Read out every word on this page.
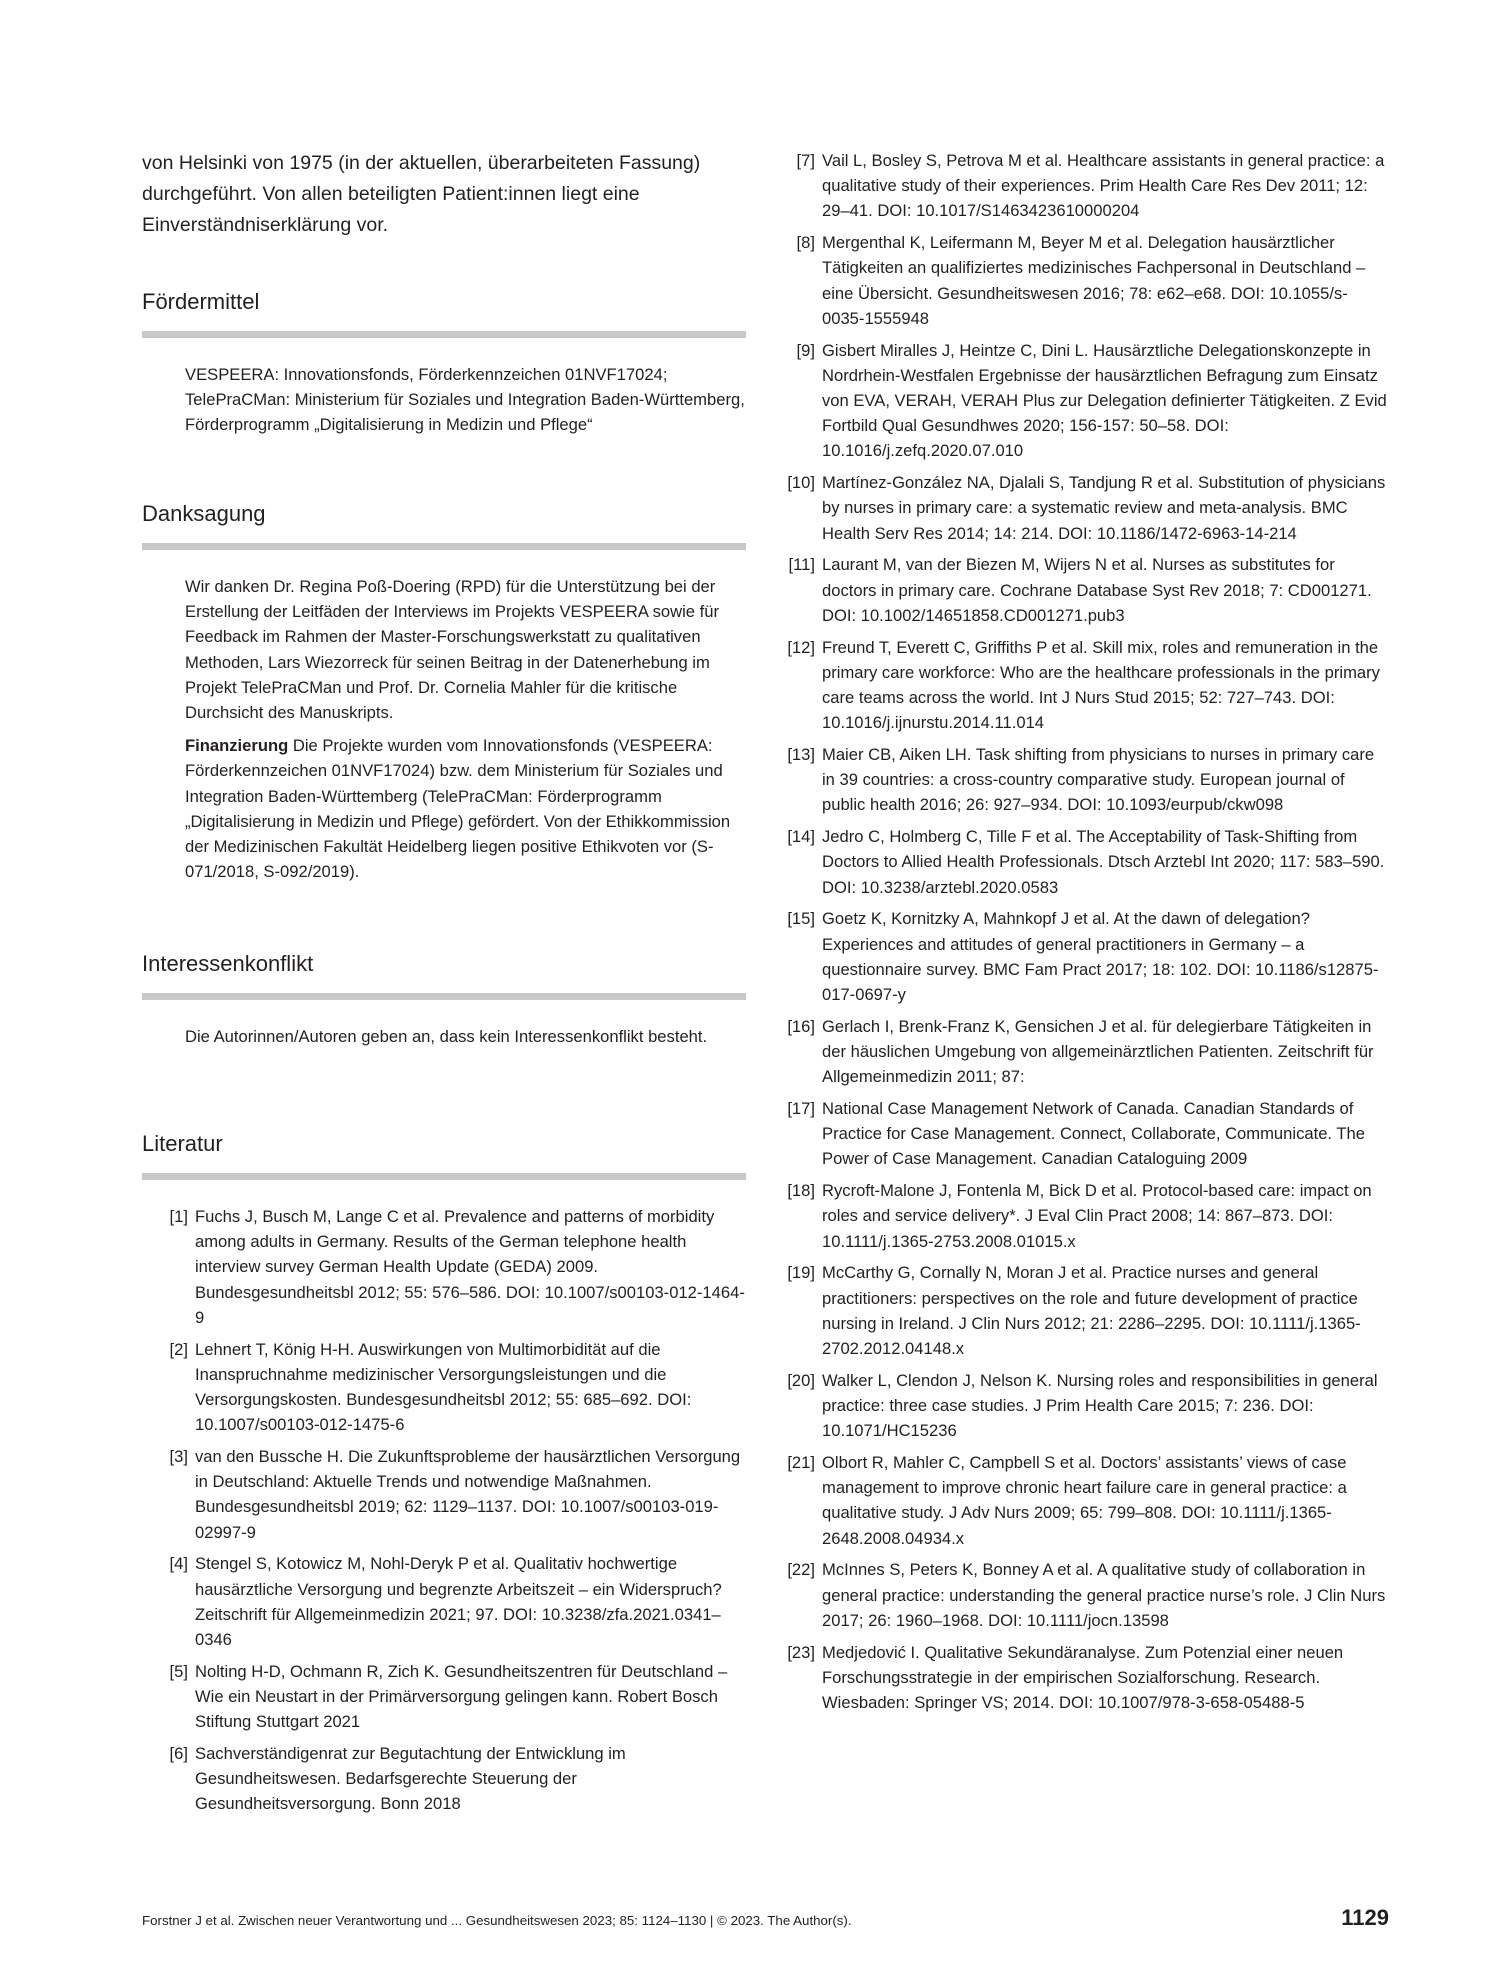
von Helsinki von 1975 (in der aktuellen, überarbeiteten Fassung) durchgeführt. Von allen beteiligten Patient:innen liegt eine Einverständniserklärung vor.

Fördermittel

VESPEERA: Innovationsfonds, Förderkennzeichen 01NVF17024; TelePraCMan: Ministerium für Soziales und Integration Baden-Württemberg, Förderprogramm „Digitalisierung in Medizin und Pflege“

Danksagung

Wir danken Dr. Regina Poß-Doering (RPD) für die Unterstützung bei der Erstellung der Leitfäden der Interviews im Projekts VESPEERA sowie für Feedback im Rahmen der Master-Forschungswerkstatt zu qualitativen Methoden, Lars Wiezorreck für seinen Beitrag in der Datenerhebung im Projekt TelePraCMan und Prof. Dr. Cornelia Mahler für die kritische Durchsicht des Manuskripts.

Finanzierung Die Projekte wurden vom Innovationsfonds (VESPEERA: Förderkennzeichen 01NVF17024) bzw. dem Ministerium für Soziales und Integration Baden-Württemberg (TelePraCMan: Förderprogramm „Digitalisierung in Medizin und Pflege) gefördert. Von der Ethikkommission der Medizinischen Fakultät Heidelberg liegen positive Ethikvoten vor (S-071/2018, S-092/2019).

Interessenkonflikt

Die Autorinnen/Autoren geben an, dass kein Interessenkonflikt besteht.

Literatur
[1] Fuchs J, Busch M, Lange C et al. Prevalence and patterns of morbidity among adults in Germany. Results of the German telephone health interview survey German Health Update (GEDA) 2009. Bundesgesundheitsbl 2012; 55: 576–586. DOI: 10.1007/s00103-012-1464-9
[2] Lehnert T, König H-H. Auswirkungen von Multimorbidität auf die Inanspruchnahme medizinischer Versorgungsleistungen und die Versorgungskosten. Bundesgesundheitsbl 2012; 55: 685–692. DOI: 10.1007/s00103-012-1475-6
[3] van den Bussche H. Die Zukunftsprobleme der hausärztlichen Versorgung in Deutschland: Aktuelle Trends und notwendige Maßnahmen. Bundesgesundheitsbl 2019; 62: 1129–1137. DOI: 10.1007/s00103-019-02997-9
[4] Stengel S, Kotowicz M, Nohl-Deryk P et al. Qualitativ hochwertige hausärztliche Versorgung und begrenzte Arbeitszeit – ein Widerspruch? Zeitschrift für Allgemeinmedizin 2021; 97. DOI: 10.3238/zfa.2021.0341–0346
[5] Nolting H-D, Ochmann R, Zich K. Gesundheitszentren für Deutschland – Wie ein Neustart in der Primärversorgung gelingen kann. Robert Bosch Stiftung Stuttgart 2021
[6] Sachverständigenrat zur Begutachtung der Entwicklung im Gesundheitswesen. Bedarfsgerechte Steuerung der Gesundheitsversorgung. Bonn 2018
[7] Vail L, Bosley S, Petrova M et al. Healthcare assistants in general practice: a qualitative study of their experiences. Prim Health Care Res Dev 2011; 12: 29–41. DOI: 10.1017/S1463423610000204
[8] Mergenthal K, Leifermann M, Beyer M et al. Delegation hausärztlicher Tätigkeiten an qualifiziertes medizinisches Fachpersonal in Deutschland – eine Übersicht. Gesundheitswesen 2016; 78: e62–e68. DOI: 10.1055/s-0035-1555948
[9] Gisbert Miralles J, Heintze C, Dini L. Hausärztliche Delegationskonzepte in Nordrhein-Westfalen Ergebnisse der hausärztlichen Befragung zum Einsatz von EVA, VERAH, VERAH Plus zur Delegation definierter Tätigkeiten. Z Evid Fortbild Qual Gesundhwes 2020; 156-157: 50–58. DOI: 10.1016/j.zefq.2020.07.010
[10] Martínez-González NA, Djalali S, Tandjung R et al. Substitution of physicians by nurses in primary care: a systematic review and meta-analysis. BMC Health Serv Res 2014; 14: 214. DOI: 10.1186/1472-6963-14-214
[11] Laurant M, van der Biezen M, Wijers N et al. Nurses as substitutes for doctors in primary care. Cochrane Database Syst Rev 2018; 7: CD001271. DOI: 10.1002/14651858.CD001271.pub3
[12] Freund T, Everett C, Griffiths P et al. Skill mix, roles and remuneration in the primary care workforce: Who are the healthcare professionals in the primary care teams across the world. Int J Nurs Stud 2015; 52: 727–743. DOI: 10.1016/j.ijnurstu.2014.11.014
[13] Maier CB, Aiken LH. Task shifting from physicians to nurses in primary care in 39 countries: a cross-country comparative study. European journal of public health 2016; 26: 927–934. DOI: 10.1093/eurpub/ckw098
[14] Jedro C, Holmberg C, Tille F et al. The Acceptability of Task-Shifting from Doctors to Allied Health Professionals. Dtsch Arztebl Int 2020; 117: 583–590. DOI: 10.3238/arztebl.2020.0583
[15] Goetz K, Kornitzky A, Mahnkopf J et al. At the dawn of delegation? Experiences and attitudes of general practitioners in Germany – a questionnaire survey. BMC Fam Pract 2017; 18: 102. DOI: 10.1186/s12875-017-0697-y
[16] Gerlach I, Brenk-Franz K, Gensichen J et al. für delegierbare Tätigkeiten in der häuslichen Umgebung von allgemeinärztlichen Patienten. Zeitschrift für Allgemeinmedizin 2011; 87:
[17] National Case Management Network of Canada. Canadian Standards of Practice for Case Management. Connect, Collaborate, Communicate. The Power of Case Management. Canadian Cataloguing 2009
[18] Rycroft-Malone J, Fontenla M, Bick D et al. Protocol-based care: impact on roles and service delivery*. J Eval Clin Pract 2008; 14: 867–873. DOI: 10.1111/j.1365-2753.2008.01015.x
[19] McCarthy G, Cornally N, Moran J et al. Practice nurses and general practitioners: perspectives on the role and future development of practice nursing in Ireland. J Clin Nurs 2012; 21: 2286–2295. DOI: 10.1111/j.1365-2702.2012.04148.x
[20] Walker L, Clendon J, Nelson K. Nursing roles and responsibilities in general practice: three case studies. J Prim Health Care 2015; 7: 236. DOI: 10.1071/HC15236
[21] Olbort R, Mahler C, Campbell S et al. Doctors’ assistants’ views of case management to improve chronic heart failure care in general practice: a qualitative study. J Adv Nurs 2009; 65: 799–808. DOI: 10.1111/j.1365-2648.2008.04934.x
[22] McInnes S, Peters K, Bonney A et al. A qualitative study of collaboration in general practice: understanding the general practice nurse’s role. J Clin Nurs 2017; 26: 1960–1968. DOI: 10.1111/jocn.13598
[23] Medjedović I. Qualitative Sekundäranalyse. Zum Potenzial einer neuen Forschungsstrategie in der empirischen Sozialforschung. Research. Wiesbaden: Springer VS; 2014. DOI: 10.1007/978-3-658-05488-5
Forstner J et al. Zwischen neuer Verantwortung und ... Gesundheitswesen 2023; 85: 1124–1130 | © 2023. The Author(s).	1129
